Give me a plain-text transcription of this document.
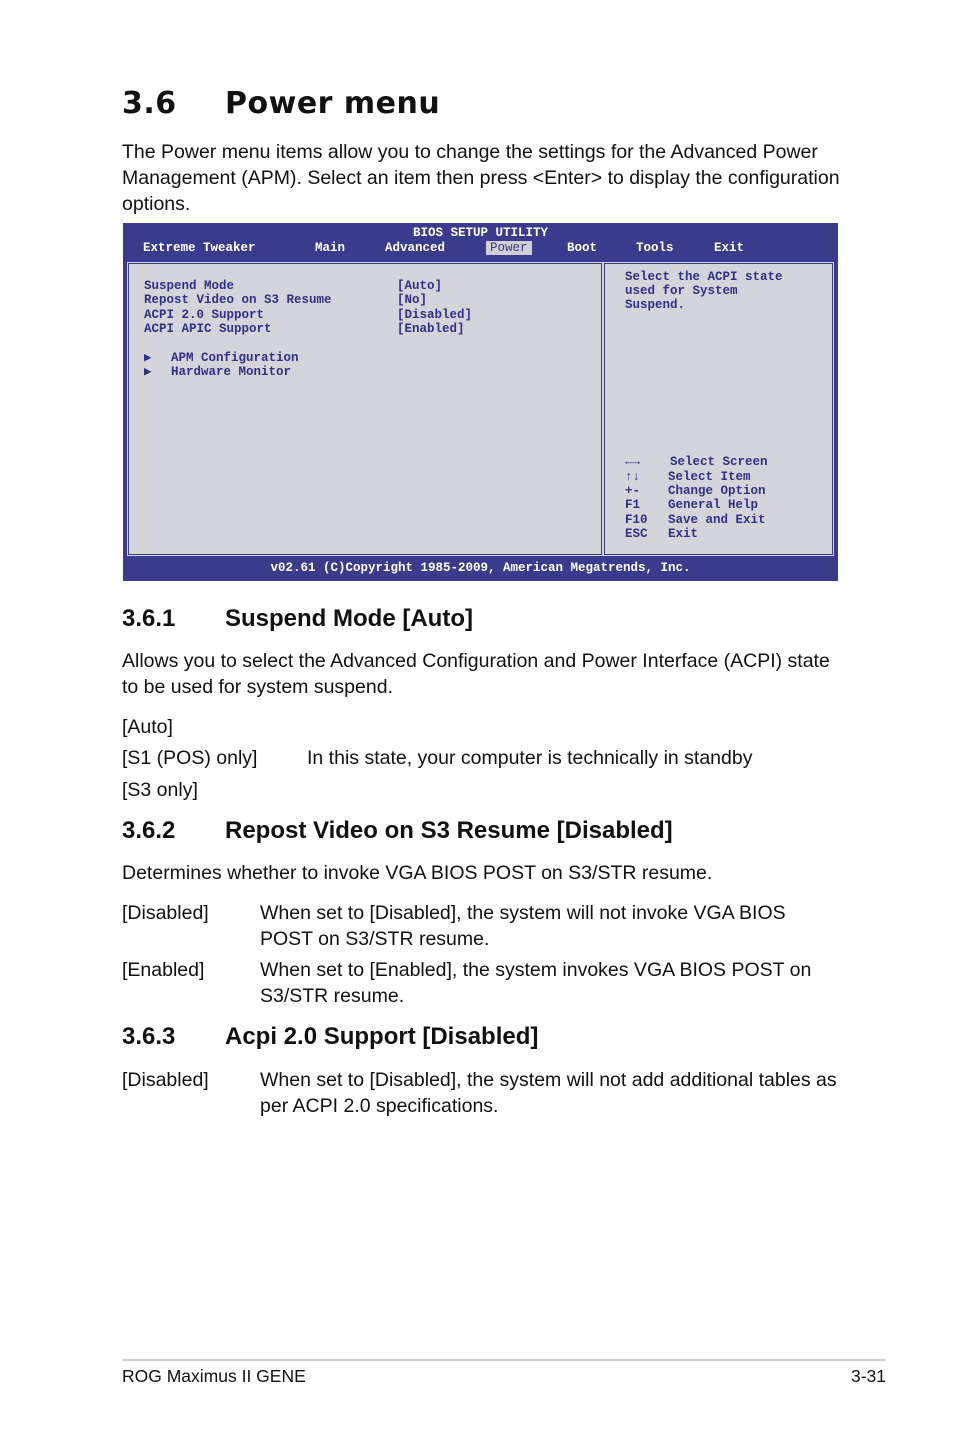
3.6 Power menu
The Power menu items allow you to change the settings for the Advanced Power Management (APM). Select an item then press <Enter> to display the configuration options.
BIOS SETUP UTILITY
Extreme Tweaker	Main	Advanced	Power	Boot	Tools	Exit
Suspend Mode	[Auto]
Repost Video on S3 Resume	[No]
ACPI 2.0 Support	[Disabled]
ACPI APIC Support	[Enabled]
▶ APM Configuration
▶ Hardware Monitor
Select the ACPI state
used for System
Suspend.
←→ Select Screen
↑↓ Select Item
+- Change Option
F1 General Help
F10 Save and Exit
ESC Exit
v02.61 (C)Copyright 1985-2009, American Megatrends, Inc.
3.6.1 Suspend Mode [Auto]
Allows you to select the Advanced Configuration and Power Interface (ACPI) state to be used for system suspend.
[Auto]
[S1 (POS) only]	In this state, your computer is technically in standby
[S3 only]
3.6.2 Repost Video on S3 Resume [Disabled]
Determines whether to invoke VGA BIOS POST on S3/STR resume.
[Disabled]	When set to [Disabled], the system will not invoke VGA BIOS POST on S3/STR resume.
[Enabled]	When set to [Enabled], the system invokes VGA BIOS POST on S3/STR resume.
3.6.3 Acpi 2.0 Support [Disabled]
[Disabled]	When set to [Disabled], the system will not add additional tables as per ACPI 2.0 specifications.
ROG Maximus II GENE	3-31
